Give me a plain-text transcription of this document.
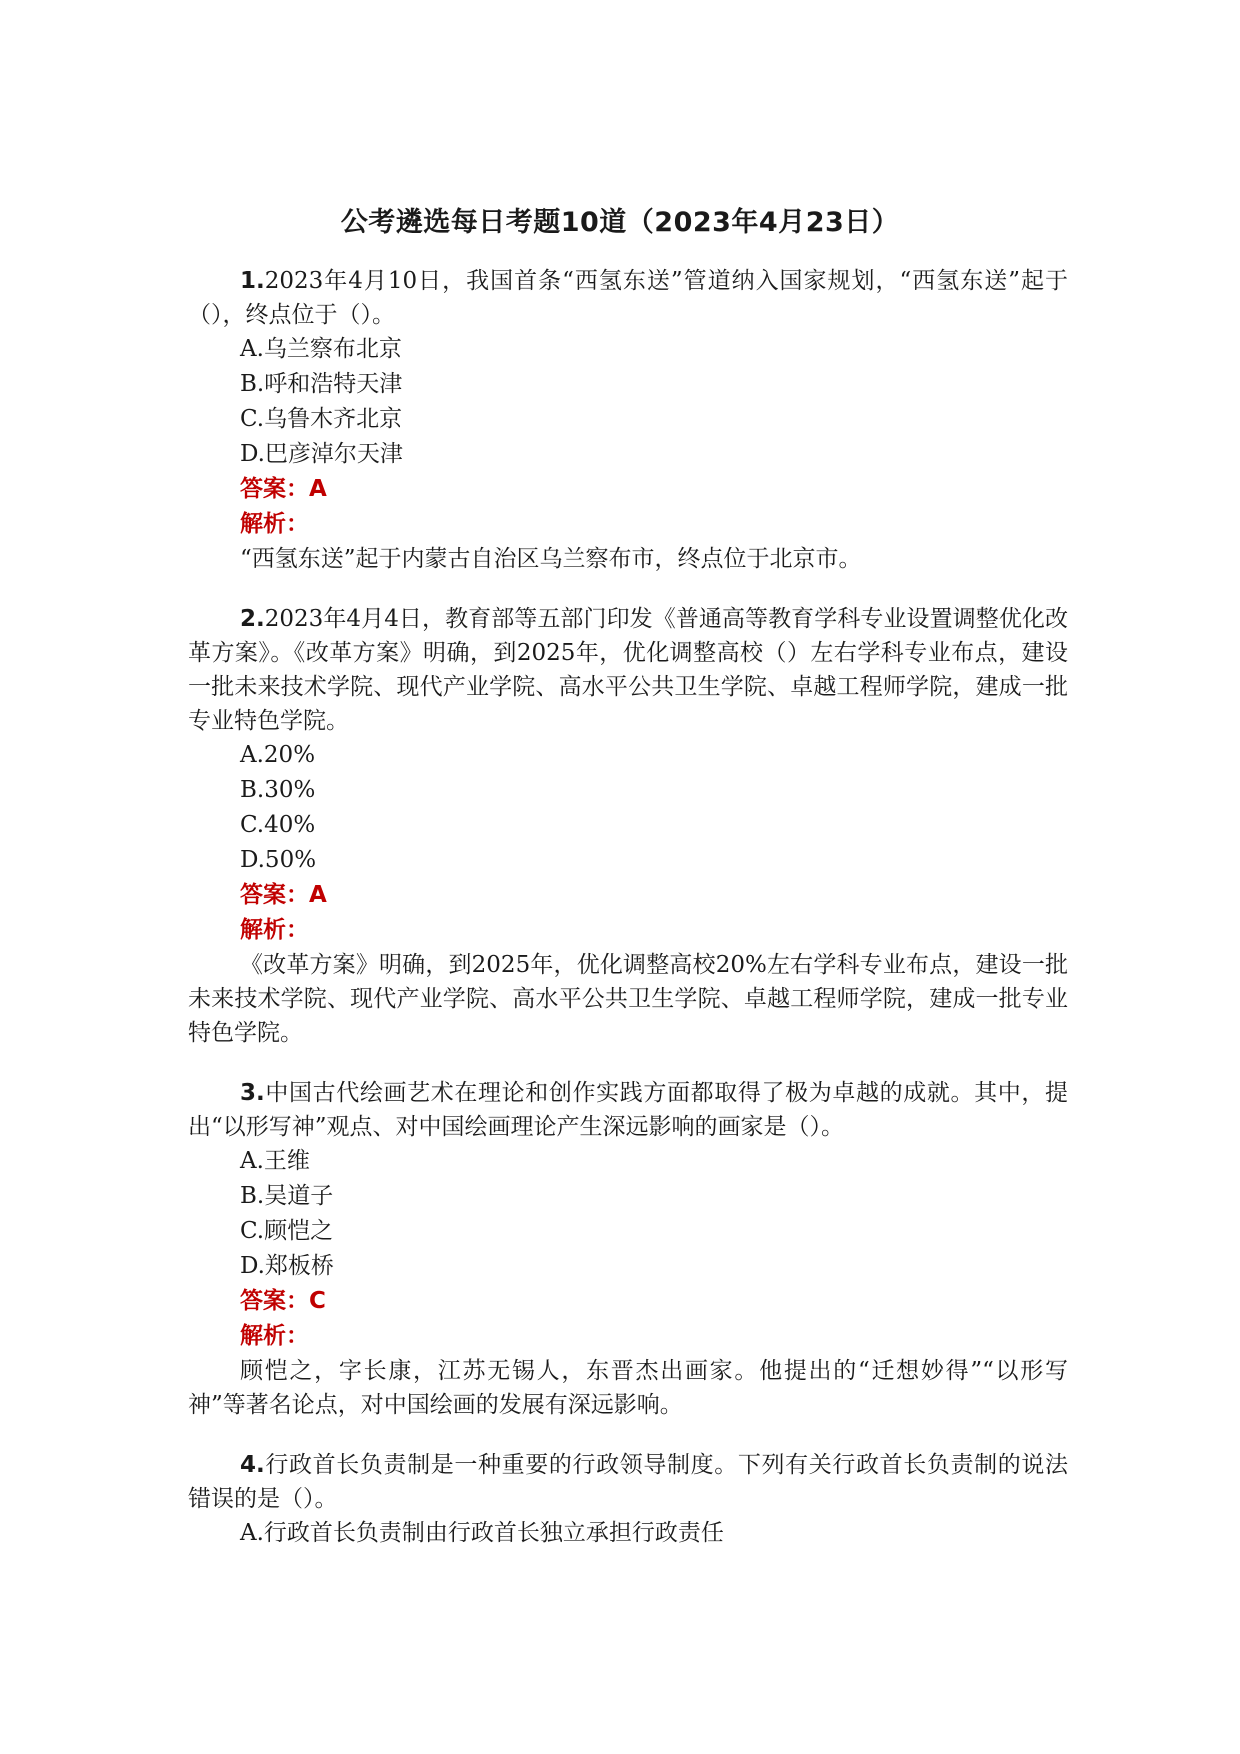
公考遴选每日考题10道（2023年4月23日）

1.2023年4月10日，我国首条“西氢东送”管道纳入国家规划，“西氢东送”起于（），终点位于（）。

A.乌兰察布北京
B.呼和浩特天津
C.乌鲁木齐北京
D.巴彦淖尔天津
答案：A
解析：

“西氢东送”起于内蒙古自治区乌兰察布市，终点位于北京市。

2.2023年4月4日，教育部等五部门印发《普通高等教育学科专业设置调整优化改革方案》。《改革方案》明确，到2025年，优化调整高校（）左右学科专业布点，建设一批未来技术学院、现代产业学院、高水平公共卫生学院、卓越工程师学院，建成一批专业特色学院。

A.20%
B.30%
C.40%
D.50%
答案：A
解析：

《改革方案》明确，到2025年，优化调整高校20%左右学科专业布点，建设一批未来技术学院、现代产业学院、高水平公共卫生学院、卓越工程师学院，建成一批专业特色学院。

3.中国古代绘画艺术在理论和创作实践方面都取得了极为卓越的成就。其中，提出“以形写神”观点、对中国绘画理论产生深远影响的画家是（）。

A.王维
B.吴道子
C.顾恺之
D.郑板桥
答案：C
解析：

顾恺之，字长康，江苏无锡人，东晋杰出画家。他提出的“迁想妙得”“以形写神”等著名论点，对中国绘画的发展有深远影响。

4.行政首长负责制是一种重要的行政领导制度。下列有关行政首长负责制的说法错误的是（）。

A.行政首长负责制由行政首长独立承担行政责任
